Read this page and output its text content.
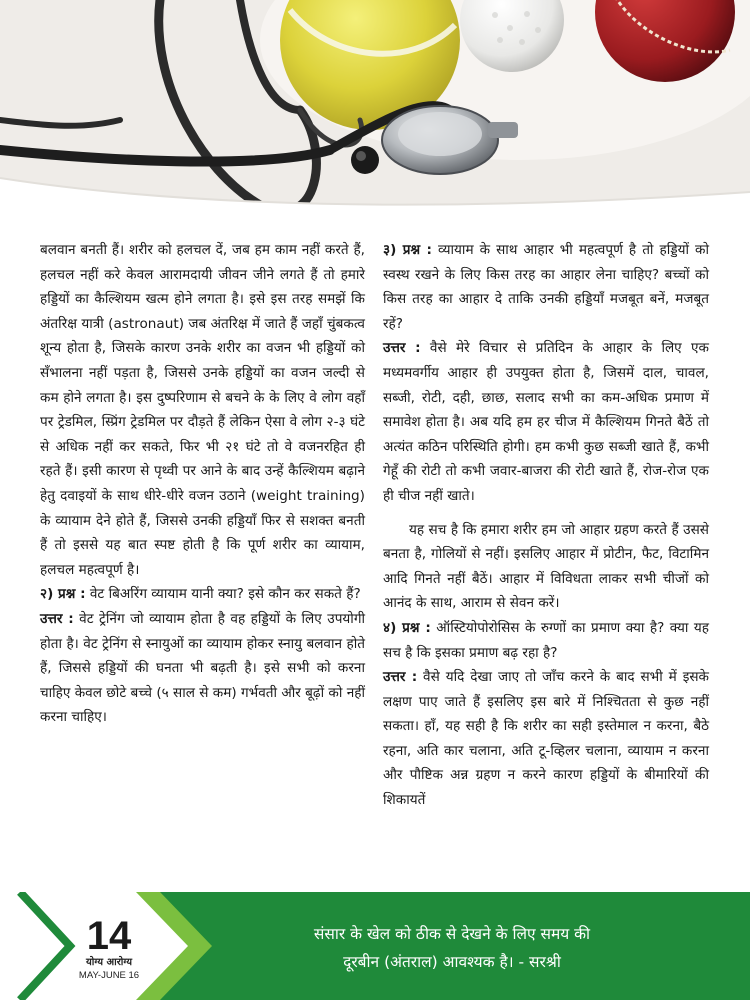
बलवान बनती हैं। शरीर को हलचल दें, जब हम काम नहीं करते हैं, हलचल नहीं करे केवल आरामदायी जीवन जीने लगते हैं तो हमारे हड्डियों का कैल्शियम खत्म होने लगता है। इसे इस तरह समझें कि अंतरिक्ष यात्री (astronaut) जब अंतरिक्ष में जाते हैं जहाँ चुंबकत्व शून्य होता है, जिसके कारण उनके शरीर का वजन भी हड्डियों को सँभालना नहीं पड़ता है, जिससे उनके हड्डियों का वजन जल्दी से कम होने लगता है। इस दुष्परिणाम से बचने के के लिए वे लोग वहाँ पर ट्रेडमिल, स्प्रिंग ट्रेडमिल पर दौड़ते हैं लेकिन ऐसा वे लोग २-३ घंटे से अधिक नहीं कर सकते, फिर भी २१ घंटे तो वे वजनरहित ही रहते हैं। इसी कारण से पृथ्वी पर आने के बाद उन्हें कैल्शियम बढ़ाने हेतु दवाइयों के साथ धीरे-धीरे वजन उठाने (weight training) के व्यायाम देने होते हैं, जिससे उनकी हड्डियाँ फिर से सशक्त बनती हैं तो इससे यह बात स्पष्ट होती है कि पूर्ण शरीर का व्यायाम, हलचल महत्वपूर्ण है।

२) प्रश्न : वेट बिअरिंग व्यायाम यानी क्या? इसे कौन कर सकते हैं?

उत्तर : वेट ट्रेनिंग जो व्यायाम होता है वह हड्डियों के लिए उपयोगी होता है। वेट ट्रेनिंग से स्नायुओं का व्यायाम होकर स्नायु बलवान होते हैं, जिससे हड्डियों की घनता भी बढ़ती है। इसे सभी को करना चाहिए केवल छोटे बच्चे (५ साल से कम) गर्भवती और बूढ़ों को नहीं करना चाहिए।

३) प्रश्न : व्यायाम के साथ आहार भी महत्वपूर्ण है तो हड्डियों को स्वस्थ रखने के लिए किस तरह का आहार लेना चाहिए? बच्चों को किस तरह का आहार दे ताकि उनकी हड्डियाँ मजबूत बनें, मजबूत रहें?

उत्तर : वैसे मेरे विचार से प्रतिदिन के आहार के लिए एक मध्यमवर्गीय आहार ही उपयुक्त होता है, जिसमें दाल, चावल, सब्जी, रोटी, दही, छाछ, सलाद सभी का कम-अधिक प्रमाण में समावेश होता है। अब यदि हम हर चीज में कैल्शियम गिनते बैठें तो अत्यंत कठिन परिस्थिति होगी। हम कभी कुछ सब्जी खाते हैं, कभी गेहूँ की रोटी तो कभी जवार-बाजरा की रोटी खाते हैं, रोज-रोज एक ही चीज नहीं खाते।

यह सच है कि हमारा शरीर हम जो आहार ग्रहण करते हैं उससे बनता है, गोलियों से नहीं। इसलिए आहार में प्रोटीन, फैट, विटामिन आदि गिनते नहीं बैठें। आहार में विविधता लाकर सभी चीजों को आनंद के साथ, आराम से सेवन करें।

४) प्रश्न : ऑस्टियोपोरोसिस के रुग्णों का प्रमाण क्या है? क्या यह सच है कि इसका प्रमाण बढ़ रहा है?

उत्तर : वैसे यदि देखा जाए तो जाँच करने के बाद सभी में इसके लक्षण पाए जाते हैं इसलिए इस बारे में निश्चितता से कुछ नहीं सकता। हाँ, यह सही है कि शरीर का सही इस्तेमाल न करना, बैठे रहना, अति कार चलाना, अति टू-व्हिलर चलाना, व्यायाम न करना और पौष्टिक अन्न ग्रहण न करने कारण हड्डियों के बीमारियों की शिकायतें

14
योग्य आरोग्य
MAY-JUNE 16
संसार के खेल को ठीक से देखने के लिए समय की
दूरबीन (अंतराल) आवश्यक है। - सरश्री
